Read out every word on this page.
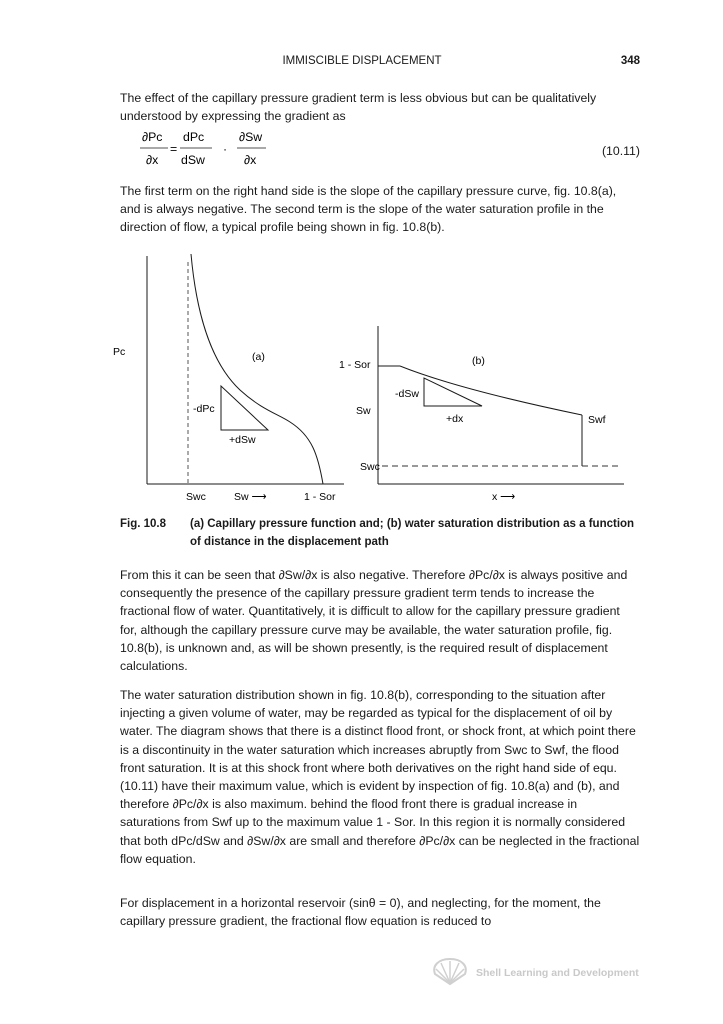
IMMISCIBLE DISPLACEMENT	348

The effect of the capillary pressure gradient term is less obvious but can be qualitatively understood by expressing the gradient as

∂Pc
∂x
=
dPc
dSw
·
∂Sw
∂x
(10.11)

The first term on the right hand side is the slope of the capillary pressure curve, fig. 10.8(a), and is always negative. The second term is the slope of the water saturation profile in the direction of flow, a typical profile being shown in fig. 10.8(b).

Pc	(a)
-dPc
+dSw
Swc	Sw ⟶	1 - Sor
1 - Sor
Sw
Swc
(b)
-dSw
+dx	Swf
x ⟶
Fig. 10.8 (a) Capillary pressure function and; (b) water saturation distribution as a function of distance in the displacement path

From this it can be seen that ∂Sw/∂x is also negative. Therefore ∂Pc/∂x is always positive and consequently the presence of the capillary pressure gradient term tends to increase the fractional flow of water. Quantitatively, it is difficult to allow for the capillary pressure gradient for, although the capillary pressure curve may be available, the water saturation profile, fig. 10.8(b), is unknown and, as will be shown presently, is the required result of displacement calculations.

The water saturation distribution shown in fig. 10.8(b), corresponding to the situation after injecting a given volume of water, may be regarded as typical for the displacement of oil by water. The diagram shows that there is a distinct flood front, or shock front, at which point there is a discontinuity in the water saturation which increases abruptly from Swc to Swf, the flood front saturation. It is at this shock front where both derivatives on the right hand side of equ. (10.11) have their maximum value, which is evident by inspection of fig. 10.8(a) and (b), and therefore ∂Pc/∂x is also maximum. behind the flood front there is gradual increase in saturations from Swf up to the maximum value 1 - Sor. In this region it is normally considered that both dPc/dSw and ∂Sw/∂x are small and therefore ∂Pc/∂x can be neglected in the fractional flow equation.

For displacement in a horizontal reservoir (sinθ = 0), and neglecting, for the moment, the capillary pressure gradient, the fractional flow equation is reduced to

Shell Learning and Development
